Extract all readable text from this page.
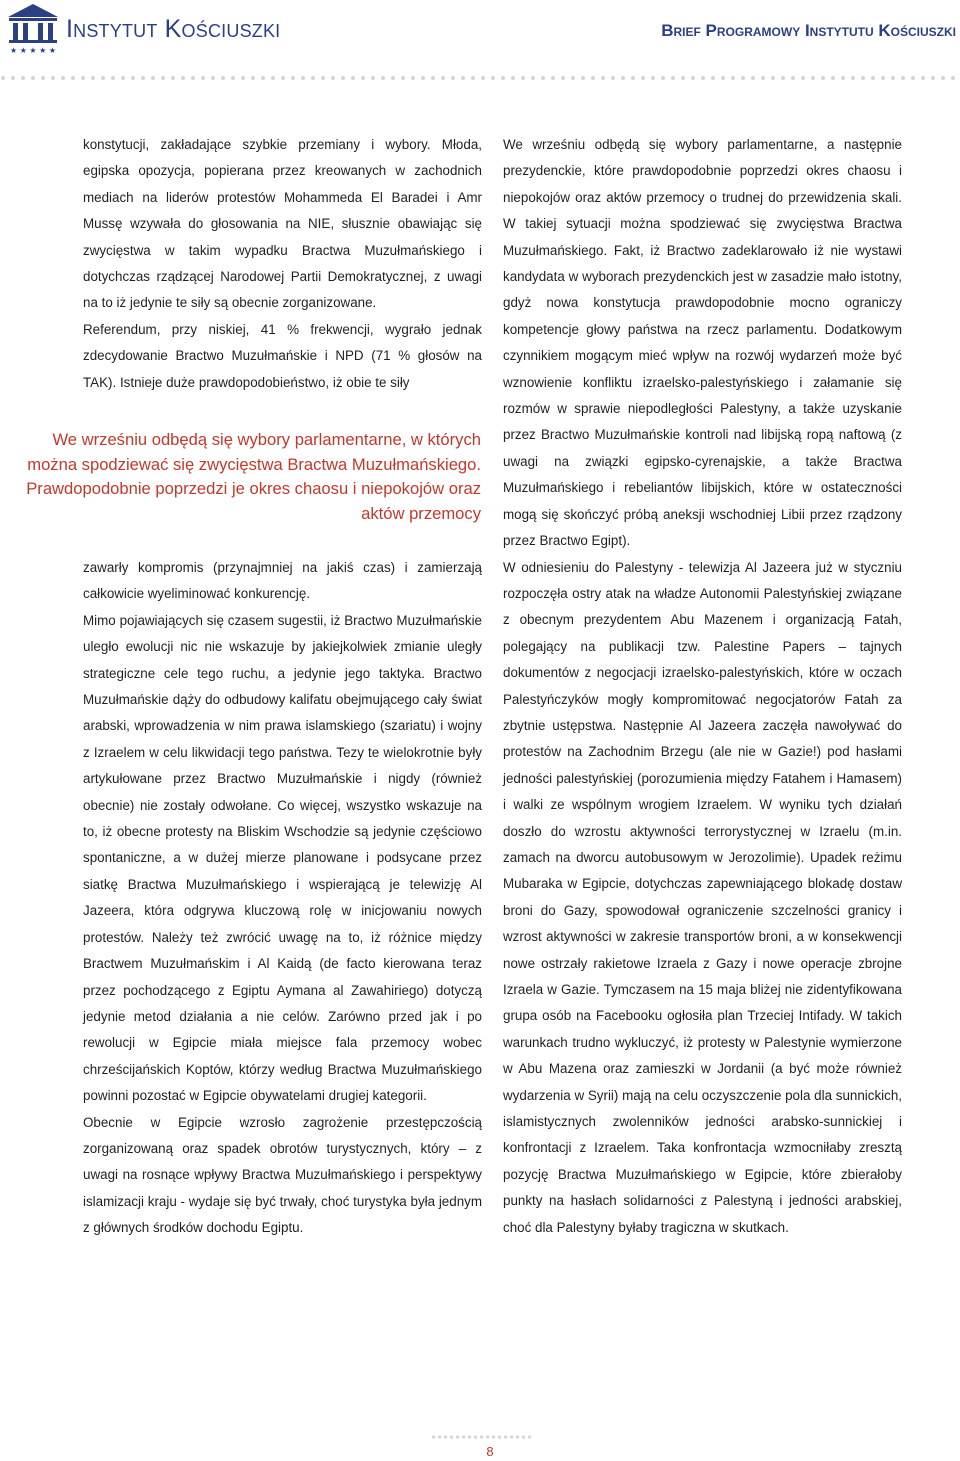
★ ★ ★ ★ ★
Instytut Kościuszki	Brief Programowy Instytutu Kościuszki

konstytucji, zakładające szybkie przemiany i wybory. Młoda, egipska opozycja, popierana przez kreowanych w zachodnich mediach na liderów protestów Mohammeda El Baradei i Amr Mussę wzywała do głosowania na NIE, słusznie obawiając się zwycięstwa w takim wypadku Bractwa Muzułmańskiego i dotychczas rządzącej Narodowej Partii Demokratycznej, z uwagi na to iż jedynie te siły są obecnie zorganizowane.

Referendum, przy niskiej, 41 % frekwencji, wygrało jednak zdecydowanie Bractwo Muzułmańskie i NPD (71 % głosów na TAK). Istnieje duże prawdopodobieństwo, iż obie te siły

We wrześniu odbędą się wybory parlamentarne, w których można spodziewać się zwycięstwa Bractwa Muzułmańskiego. Prawdopodobnie poprzedzi je okres chaosu i niepokojów oraz aktów przemocy

zawarły kompromis (przynajmniej na jakiś czas) i zamierzają całkowicie wyeliminować konkurencję.

Mimo pojawiających się czasem sugestii, iż Bractwo Muzułmańskie uległo ewolucji nic nie wskazuje by jakiejkolwiek zmianie uległy strategiczne cele tego ruchu, a jedynie jego taktyka. Bractwo Muzułmańskie dąży do odbudowy kalifatu obejmującego cały świat arabski, wprowadzenia w nim prawa islamskiego (szariatu) i wojny z Izraelem w celu likwidacji tego państwa. Tezy te wielokrotnie były artykułowane przez Bractwo Muzułmańskie i nigdy (również obecnie) nie zostały odwołane. Co więcej, wszystko wskazuje na to, iż obecne protesty na Bliskim Wschodzie są jedynie częściowo spontaniczne, a w dużej mierze planowane i podsycane przez siatkę Bractwa Muzułmańskiego i wspierającą je telewizję Al Jazeera, która odgrywa kluczową rolę w inicjowaniu nowych protestów. Należy też zwrócić uwagę na to, iż różnice między Bractwem Muzułmańskim i Al Kaidą (de facto kierowana teraz przez pochodzącego z Egiptu Aymana al Zawahiriego) dotyczą jedynie metod działania a nie celów. Zarówno przed jak i po rewolucji w Egipcie miała miejsce fala przemocy wobec chrześcijańskich Koptów, którzy według Bractwa Muzułmańskiego powinni pozostać w Egipcie obywatelami drugiej kategorii.

Obecnie w Egipcie wzrosło zagrożenie przestępczością zorganizowaną oraz spadek obrotów turystycznych, który – z uwagi na rosnące wpływy Bractwa Muzułmańskiego i perspektywy islamizacji kraju - wydaje się być trwały, choć turystyka była jednym z głównych środków dochodu Egiptu.

We wrześniu odbędą się wybory parlamentarne, a następnie prezydenckie, które prawdopodobnie poprzedzi okres chaosu i niepokojów oraz aktów przemocy o trudnej do przewidzenia skali. W takiej sytuacji można spodziewać się zwycięstwa Bractwa Muzułmańskiego. Fakt, iż Bractwo zadeklarowało iż nie wystawi kandydata w wyborach prezydenckich jest w zasadzie mało istotny, gdyż nowa konstytucja prawdopodobnie mocno ograniczy kompetencje głowy państwa na rzecz parlamentu. Dodatkowym czynnikiem mogącym mieć wpływ na rozwój wydarzeń może być wznowienie konfliktu izraelsko-palestyńskiego i załamanie się rozmów w sprawie niepodległości Palestyny, a także uzyskanie przez Bractwo Muzułmańskie kontroli nad libijską ropą naftową (z uwagi na związki egipsko-cyrenajskie, a także Bractwa Muzułmańskiego i rebeliantów libijskich, które w ostateczności mogą się skończyć próbą aneksji wschodniej Libii przez rządzony przez Bractwo Egipt).

W odniesieniu do Palestyny - telewizja Al Jazeera już w styczniu rozpoczęła ostry atak na władze Autonomii Palestyńskiej związane z obecnym prezydentem Abu Mazenem i organizacją Fatah, polegający na publikacji tzw. Palestine Papers – tajnych dokumentów z negocjacji izraelsko-palestyńskich, które w oczach Palestyńczyków mogły kompromitować negocjatorów Fatah za zbytnie ustępstwa. Następnie Al Jazeera zaczęła nawoływać do protestów na Zachodnim Brzegu (ale nie w Gazie!) pod hasłami jedności palestyńskiej (porozumienia między Fatahem i Hamasem) i walki ze wspólnym wrogiem Izraelem. W wyniku tych działań doszło do wzrostu aktywności terrorystycznej w Izraelu (m.in. zamach na dworcu autobusowym w Jerozolimie). Upadek reżimu Mubaraka w Egipcie, dotychczas zapewniającego blokadę dostaw broni do Gazy, spowodował ograniczenie szczelności granicy i wzrost aktywności w zakresie transportów broni, a w konsekwencji nowe ostrzały rakietowe Izraela z Gazy i nowe operacje zbrojne Izraela w Gazie. Tymczasem na 15 maja bliżej nie zidentyfikowana grupa osób na Facebooku ogłosiła plan Trzeciej Intifady. W takich warunkach trudno wykluczyć, iż protesty w Palestynie wymierzone w Abu Mazena oraz zamieszki w Jordanii (a być może również wydarzenia w Syrii) mają na celu oczyszczenie pola dla sunnickich, islamistycznych zwolenników jedności arabsko-sunnickiej i konfrontacji z Izraelem. Taka konfrontacja wzmocniłaby zresztą pozycję Bractwa Muzułmańskiego w Egipcie, które zbierałoby punkty na hasłach solidarności z Palestyną i jedności arabskiej, choć dla Palestyny byłaby tragiczna w skutkach.

8
